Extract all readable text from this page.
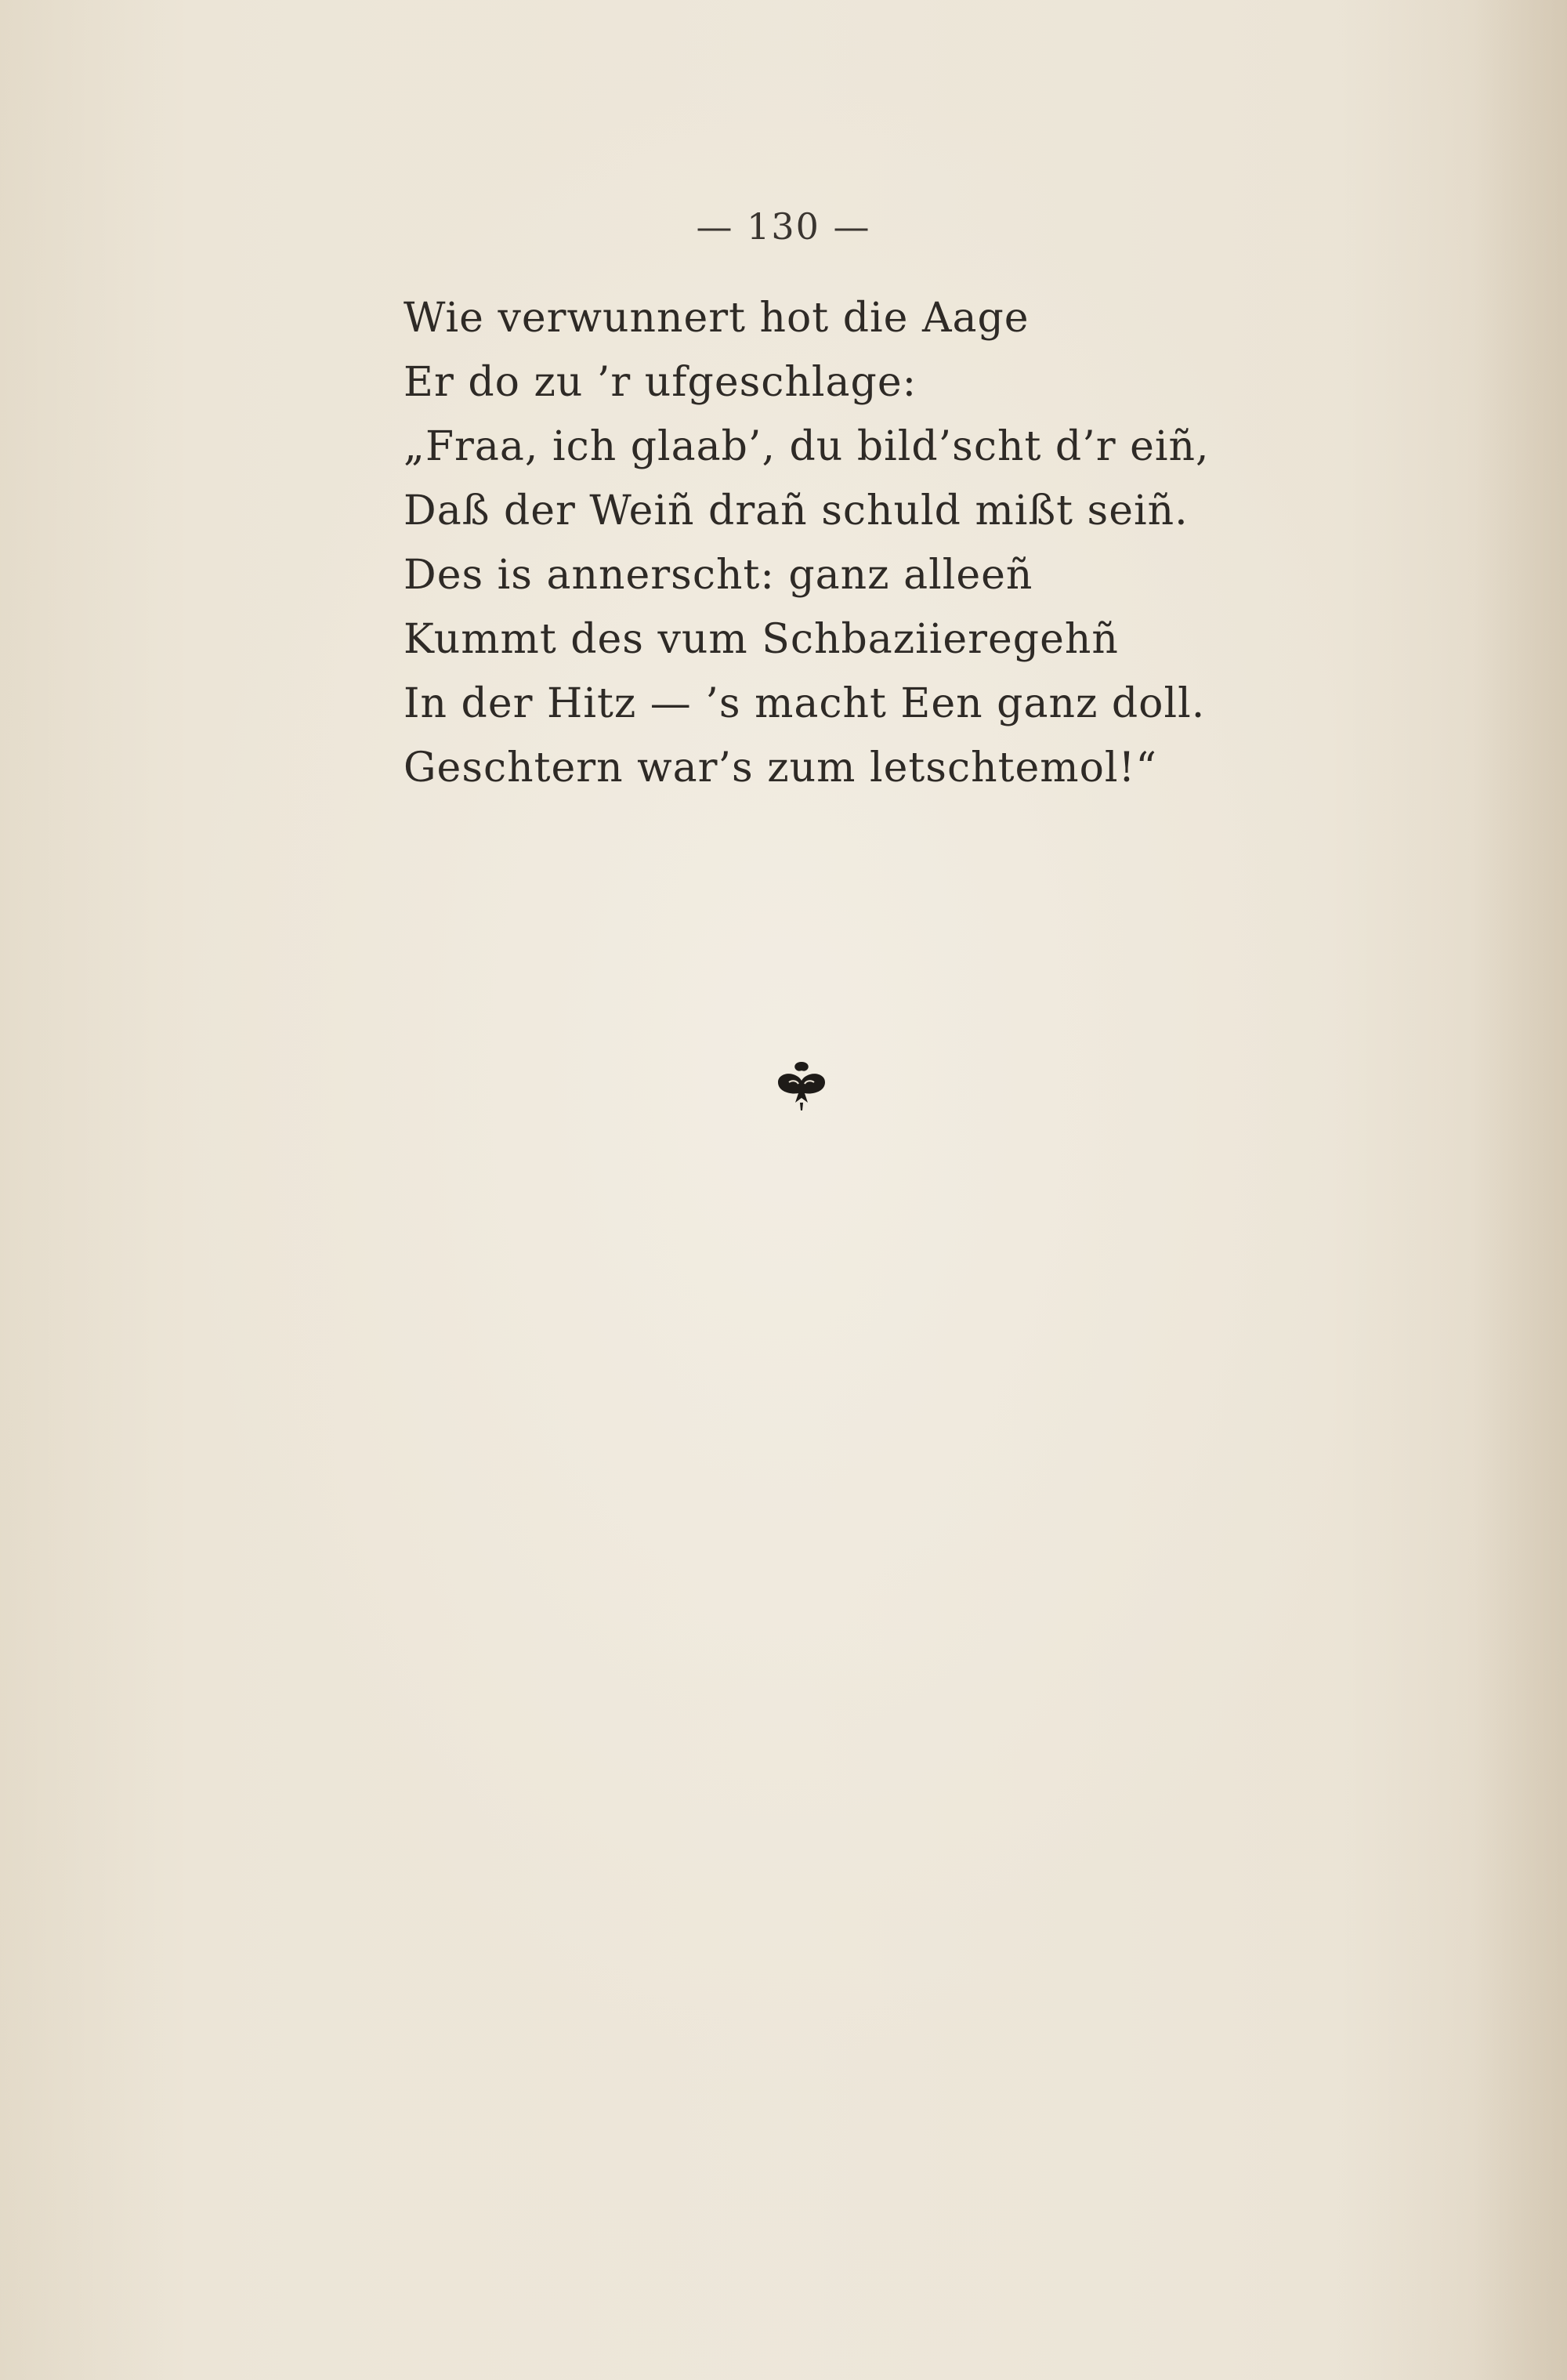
— 130 —
Wie verwunnert hot die Aage
Er do zu ’r ufgeschlage:
„Fraa, ich glaab’, du bild’scht d’r eiñ,
Daß der Weiñ drañ schuld mißt seiñ.
Des is annerscht: ganz alleeñ
Kummt des vum Schbaziieregehñ
In der Hitz — ’s macht Een ganz doll.
Geschtern war’s zum letschtemol!“
